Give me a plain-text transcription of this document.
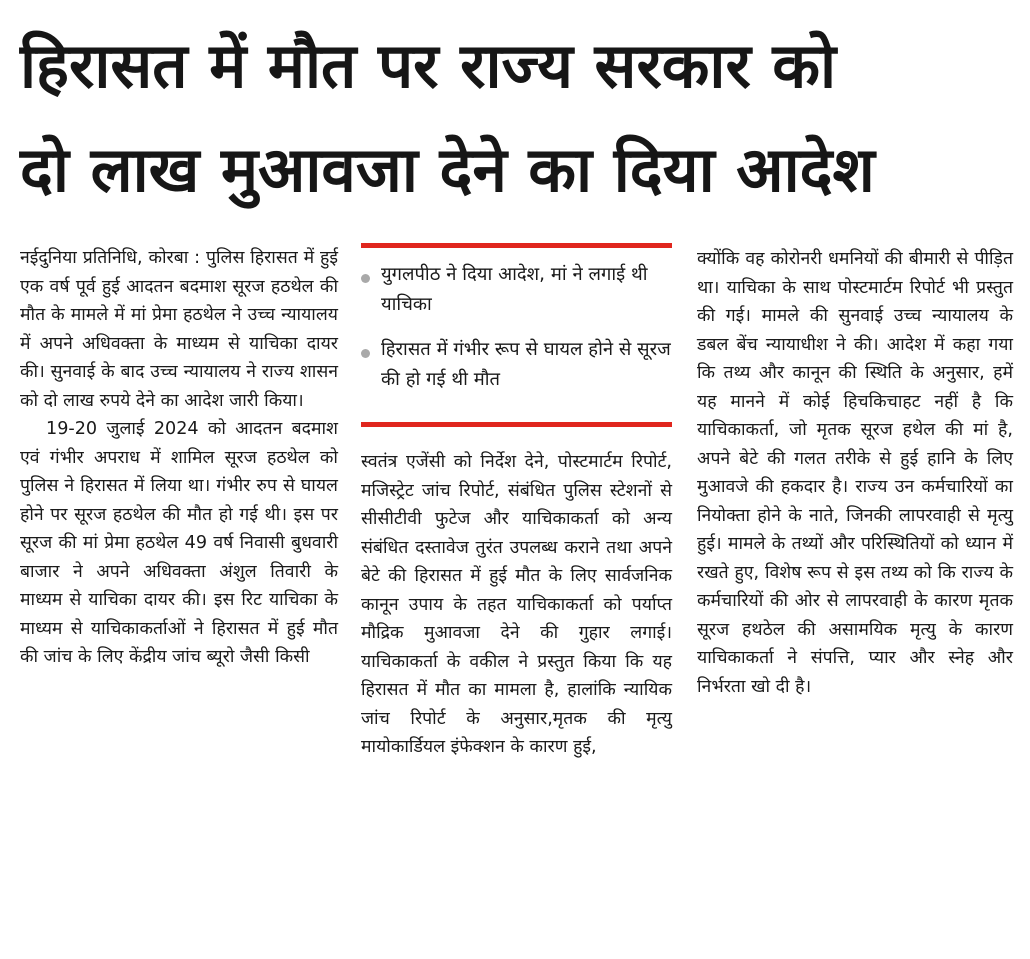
हिरासत में मौत पर राज्य सरकार को
दो लाख मुआवजा देने का दिया आदेश

नईदुनिया प्रतिनिधि, कोरबा : पुलिस हिरासत में हुई एक वर्ष पूर्व हुई आदतन बदमाश सूरज हठथेल की मौत के मामले में मां प्रेमा हठथेल ने उच्च न्यायालय में अपने अधिवक्ता के माध्यम से याचिका दायर की। सुनवाई के बाद उच्च न्यायालय ने राज्य शासन को दो लाख रुपये देने का आदेश जारी किया।

19-20 जुलाई 2024 को आदतन बदमाश एवं गंभीर अपराध में शामिल सूरज हठथेल को पुलिस ने हिरासत में लिया था। गंभीर रुप से घायल होने पर सूरज हठथेल की मौत हो गई थी। इस पर सूरज की मां प्रेमा हठथेल 49 वर्ष निवासी बुधवारी बाजार ने अपने अधिवक्ता अंशुल तिवारी के माध्यम से याचिका दायर की। इस रिट याचिका के माध्यम से याचिकाकर्ताओं ने हिरासत में हुई मौत की जांच के लिए केंद्रीय जांच ब्यूरो जैसी किसी

युगलपीठ ने दिया आदेश, मां ने लगाई थी याचिका
हिरासत में गंभीर रूप से घायल होने से सूरज की हो गई थी मौत

स्वतंत्र एजेंसी को निर्देश देने, पोस्टमार्टम रिपोर्ट, मजिस्ट्रेट जांच रिपोर्ट, संबंधित पुलिस स्टेशनों से सीसीटीवी फुटेज और याचिकाकर्ता को अन्य संबंधित दस्तावेज तुरंत उपलब्ध कराने तथा अपने बेटे की हिरासत में हुई मौत के लिए सार्वजनिक कानून उपाय के तहत याचिकाकर्ता को पर्याप्त मौद्रिक मुआवजा देने की गुहार लगाई। याचिकाकर्ता के वकील ने प्रस्तुत किया कि यह हिरासत में मौत का मामला है, हालांकि न्यायिक जांच रिपोर्ट के अनुसार,मृतक की मृत्यु मायोकार्डियल इंफेक्शन के कारण हुई,

क्योंकि वह कोरोनरी धमनियों की बीमारी से पीड़ित था। याचिका के साथ पोस्टमार्टम रिपोर्ट भी प्रस्तुत की गई। मामले की सुनवाई उच्च न्यायालय के डबल बेंच न्यायाधीश ने की। आदेश में कहा गया कि तथ्य और कानून की स्थिति के अनुसार, हमें यह मानने में कोई हिचकिचाहट नहीं है कि याचिकाकर्ता, जो मृतक सूरज हथेल की मां है, अपने बेटे की गलत तरीके से हुई हानि के लिए मुआवजे की हकदार है। राज्य उन कर्मचारियों का नियोक्ता होने के नाते, जिनकी लापरवाही से मृत्यु हुई। मामले के तथ्यों और परिस्थितियों को ध्यान में रखते हुए, विशेष रूप से इस तथ्य को कि राज्य के कर्मचारियों की ओर से लापरवाही के कारण मृतक सूरज हथठेल की असामयिक मृत्यु के कारण याचिकाकर्ता ने संपत्ति, प्यार और स्नेह और निर्भरता खो दी है।
